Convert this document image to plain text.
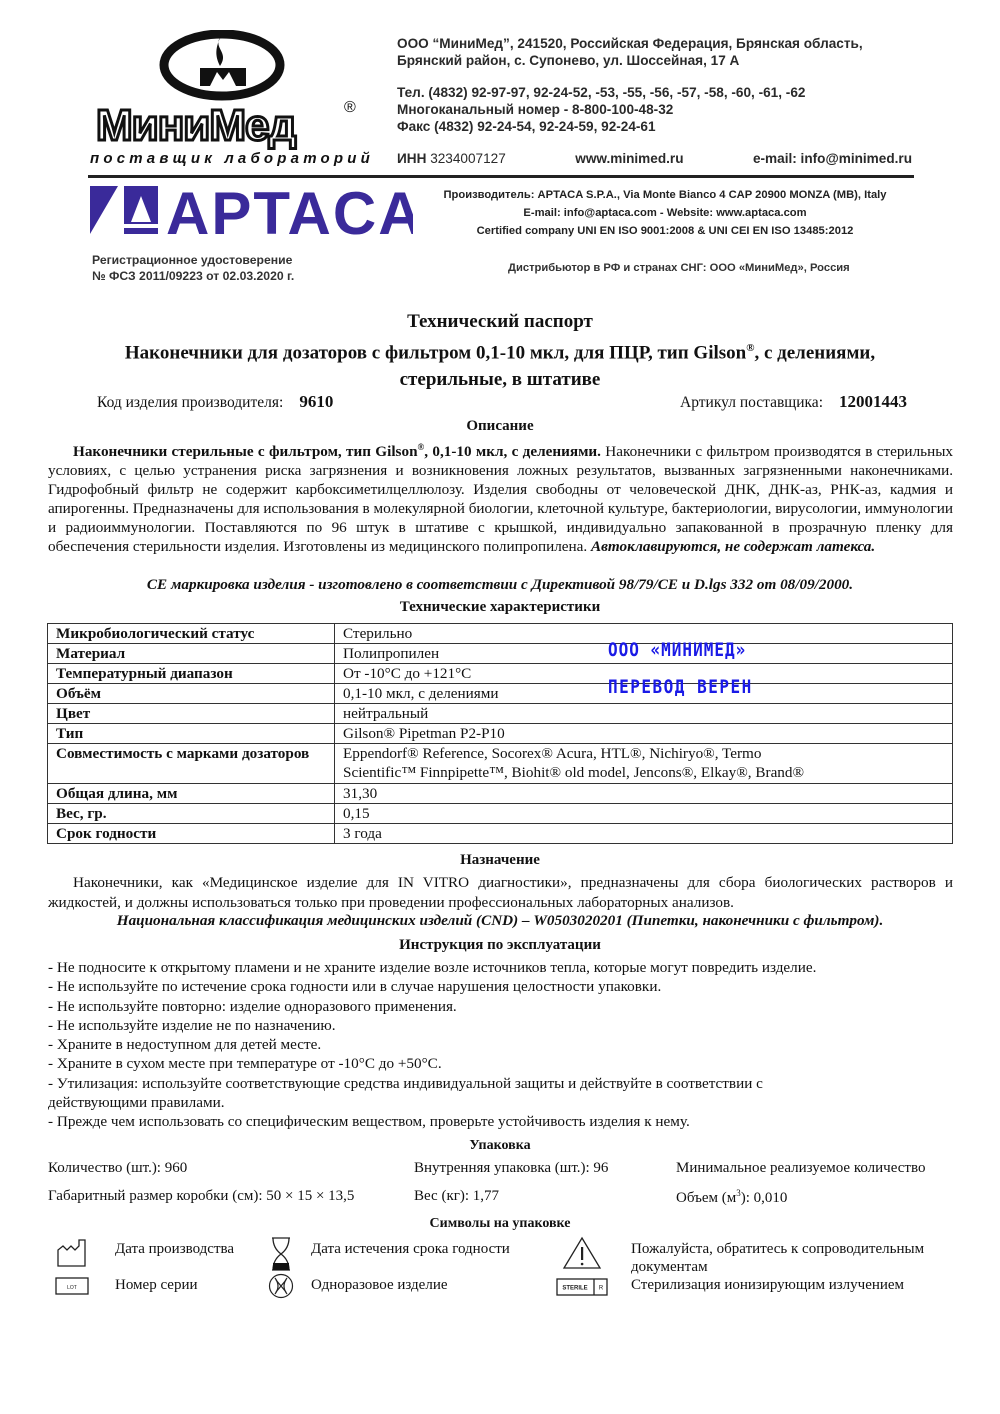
МиниМед	®
поставщик лабораторий
ООО “МиниМед”, 241520, Российская Федерация, Брянская область,
Брянский район, с. Супонево, ул. Шоссейная, 17 А
Тел. (4832) 92-97-97, 92-24-52, -53, -55, -56, -57, -58, -60, -61, -62
Многоканальный номер - 8-800-100-48-32
Факс (4832) 92-24-54, 92-24-59, 92-24-61
ИНН 3234007127	www.minimed.ru	e-mail: info@minimed.ru
APTACA	Производитель: APTACA S.P.A., Via Monte Bianco 4 CAP 20900 MONZA (MB), Italy
E-mail: info@aptaca.com - Website: www.aptaca.com
Certified company UNI EN ISO 9001:2008 & UNI CEI EN ISO 13485:2012
Регистрационное удостоверение
№ ФСЗ 2011/09223 от 02.03.2020 г.
Дистрибьютор в РФ и странах СНГ: ООО «МиниМед», Россия
Технический паспорт
Наконечники для дозаторов с фильтром 0,1-10 мкл, для ПЦР, тип Gilson®, с делениями,
стерильные, в штативе
Код изделия производителя: 9610	Артикул поставщика: 12001443
Описание
Наконечники стерильные с фильтром, тип Gilson®, 0,1-10 мкл, с делениями. Наконечники с фильтром производятся в стерильных условиях, с целью устранения риска загрязнения и возникновения ложных результатов, вызванных загрязненными наконечниками. Гидрофобный фильтр не содержит карбоксиметилцеллюлозу. Изделия свободны от человеческой ДНК, ДНК-аз, РНК-аз, кадмия и апирогенны. Предназначены для использования в молекулярной биологии, клеточной культуре, бактериологии, вирусологии, иммунологии и радиоиммунологии. Поставляются по 96 штук в штативе с крышкой, индивидуально запакованной в прозрачную пленку для обеспечения стерильности изделия. Изготовлены из медицинского полипропилена. Автоклавируются, не содержат латекса.
CE маркировка изделия - изготовлено в соответствии с Директивой 98/79/CE и D.lgs 332 от 08/09/2000.
Технические характеристики
Микробиологический статус	Стерильно
Материал	Полипропилен
Температурный диапазон	От -10°C до +121°C
Объём	0,1-10 мкл, с делениями
Цвет	нейтральный
Тип	Gilson® Pipetman P2-P10
Совместимость с марками дозаторов	Eppendorf® Reference, Socorex® Acura, HTL®, Nichiryo®, Termo Scientific™ Finnpipette™, Biohit® old model, Jencons®, Elkay®, Brand®
Общая длина, мм	31,30
Вес, гр.	0,15
Срок годности	3 года
ООО «МИНИМЕД»
ПЕРЕВОД ВЕРЕН
Назначение
Наконечники, как «Медицинское изделие для IN VITRO диагностики», предназначены для сбора биологических растворов и жидкостей, и должны использоваться только при проведении профессиональных лабораторных анализов.
Национальная классификация медицинских изделий (CND) – W0503020201 (Пипетки, наконечники с фильтром).
Инструкция по эксплуатации
- Не подносите к открытому пламени и не храните изделие возле источников тепла, которые могут повредить изделие.
- Не используйте по истечение срока годности или в случае нарушения целостности упаковки.
- Не используйте повторно: изделие одноразового применения.
- Не используйте изделие не по назначению.
- Храните в недоступном для детей месте.
- Храните в сухом месте при температуре от -10°C до +50°C.
- Утилизация: используйте соответствующие средства индивидуальной защиты и действуйте в соответствии с действующими правилами.
- Прежде чем использовать со специфическим веществом, проверьте устойчивость изделия к нему.
Упаковка
Количество (шт.): 960	Внутренняя упаковка (шт.): 96	Минимальное реализуемое количество
Габаритный размер коробки (см): 50 × 15 × 13,5	Вес (кг): 1,77	Объем $(м^3)$: 0,010
Символы на упаковке
Дата производства	Дата истечения срока годности	Пожалуйста, обратитесь к сопроводительным документам
LOT	Номер серии	Одноразовое изделие	STERILE R Стерилизация ионизирующим излучением
